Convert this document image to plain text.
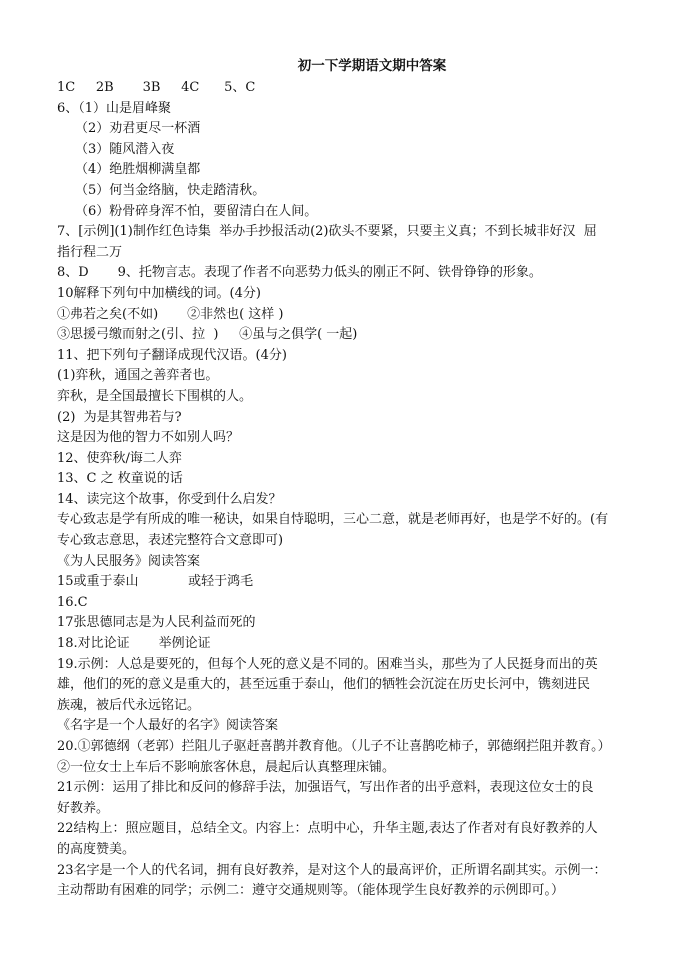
初一下学期语文期中答案

1C     2B       3B     4C      5、C

6、（1）山是眉峰聚

（2）劝君更尽一杯酒

（3）随风潜入夜

（4）绝胜烟柳满皇都

（5）何当金络脑，快走踏清秋。

（6）粉骨碎身浑不怕，要留清白在人间。

7、[示例](1)制作红色诗集  举办手抄报活动(2)砍头不要紧，只要主义真；不到长城非好汉  屈

指行程二万

8、D       9、托物言志。表现了作者不向恶势力低头的刚正不阿、铁骨铮铮的形象。

10解释下列句中加横线的词。(4分)

①弗若之矣(不如)       ②非然也( 这样 )

③思援弓缴而射之(引、拉  )     ④虽与之俱学( 一起)

11、把下列句子翻译成现代汉语。(4分)

(1)弈秋，通国之善弈者也。

弈秋，是全国最擅长下围棋的人。

(2)  为是其智弗若与?

这是因为他的智力不如别人吗？

12、使弈秋/诲二人弈

13、C 之 枚童说的话

14、读完这个故事，你受到什么启发？

专心致志是学有所成的唯一秘诀，如果自恃聪明，三心二意，就是老师再好，也是学不好的。(有

专心致志意思，表述完整符合文意即可)

《为人民服务》阅读答案

15或重于泰山            或轻于鸿毛

16.C

17张思德同志是为人民利益而死的

18.对比论证       举例论证

19.示例：人总是要死的，但每个人死的意义是不同的。困难当头，那些为了人民挺身而出的英

雄，他们的死的意义是重大的，甚至远重于泰山，他们的牺牲会沉淀在历史长河中，镌刻进民

族魂，被后代永远铭记。

《名字是一个人最好的名字》阅读答案

20.①郭德纲（老郭）拦阻儿子驱赶喜鹊并教育他。（儿子不让喜鹊吃柿子，郭德纲拦阻并教育。）

②一位女士上车后不影响旅客休息，晨起后认真整理床铺。

21示例：运用了排比和反问的修辞手法，加强语气，写出作者的出乎意料，表现这位女士的良

好教养。

22结构上：照应题目，总结全文。内容上：点明中心，升华主题,表达了作者对有良好教养的人

的高度赞美。

23名字是一个人的代名词，拥有良好教养，是对这个人的最高评价，正所谓名副其实。示例一：

主动帮助有困难的同学；示例二：遵守交通规则等。（能体现学生良好教养的示例即可。）
